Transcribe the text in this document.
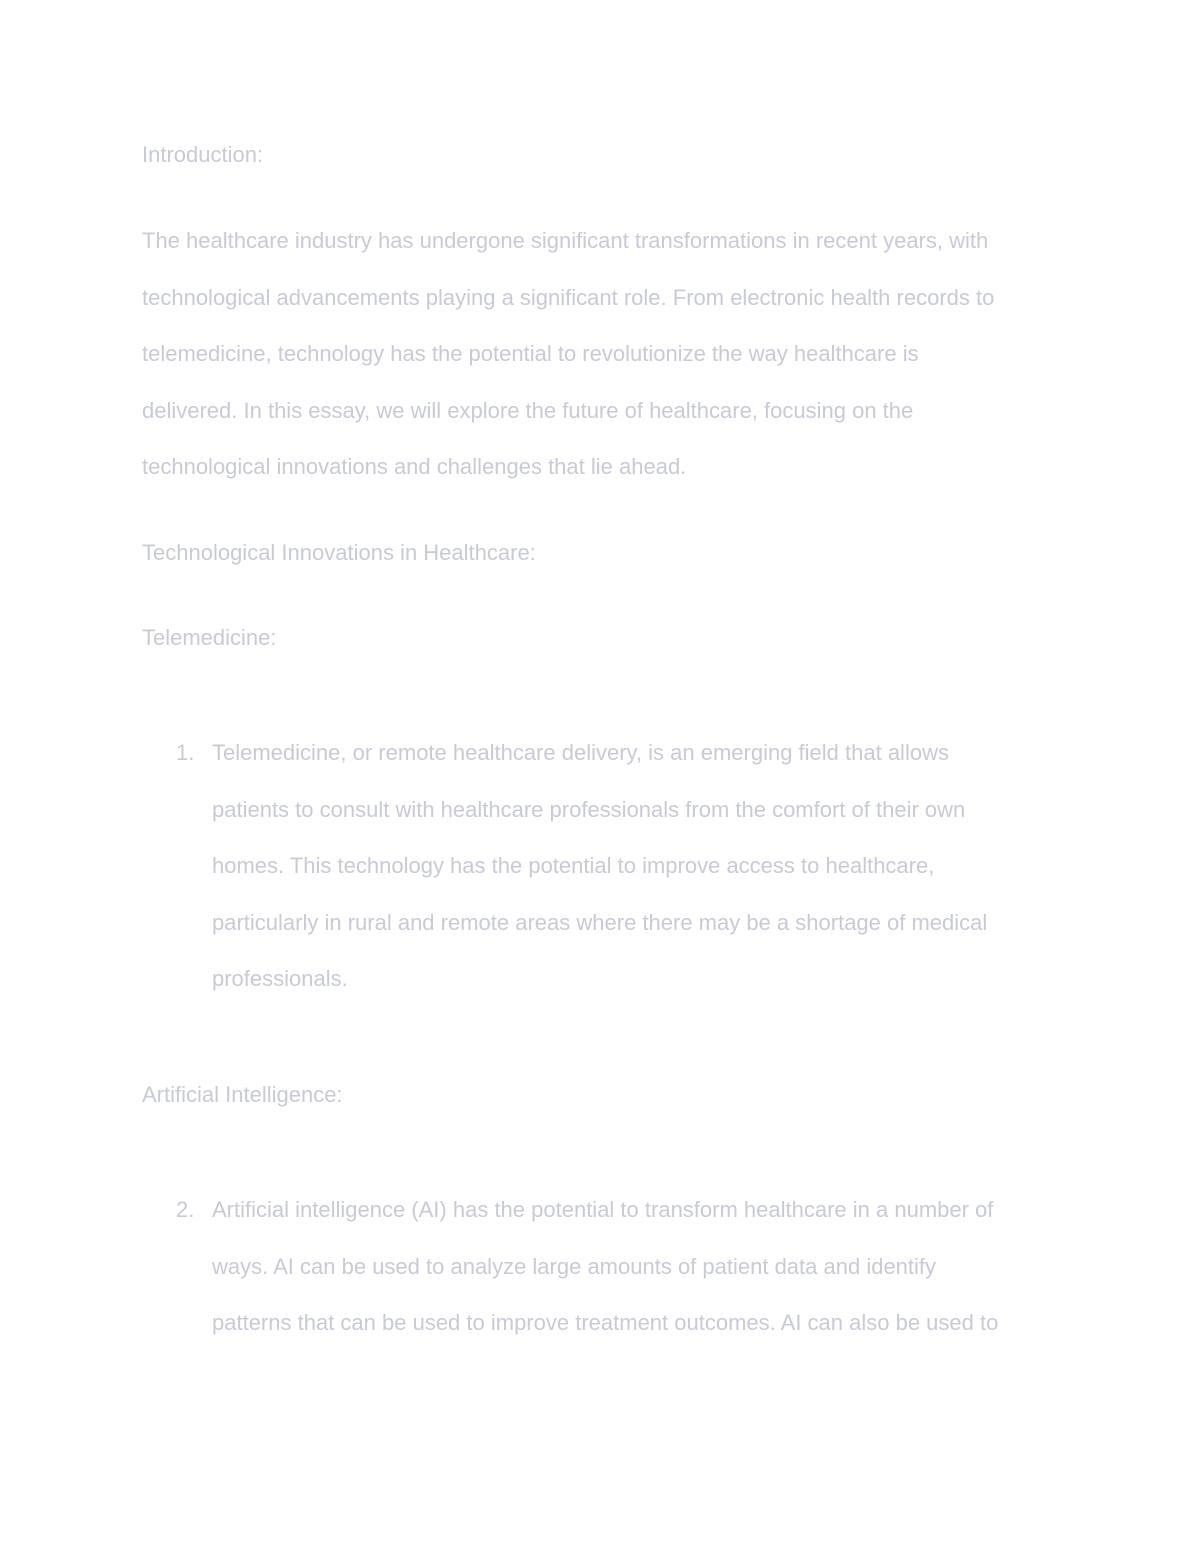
Introduction:

The healthcare industry has undergone significant transformations in recent years, with
technological advancements playing a significant role. From electronic health records to
telemedicine, technology has the potential to revolutionize the way healthcare is
delivered. In this essay, we will explore the future of healthcare, focusing on the
technological innovations and challenges that lie ahead.

Technological Innovations in Healthcare:
Telemedicine:
1. Telemedicine, or remote healthcare delivery, is an emerging field that allows
patients to consult with healthcare professionals from the comfort of their own
homes. This technology has the potential to improve access to healthcare,
particularly in rural and remote areas where there may be a shortage of medical
professionals.
Artificial Intelligence:
2. Artificial intelligence (AI) has the potential to transform healthcare in a number of
ways. AI can be used to analyze large amounts of patient data and identify
patterns that can be used to improve treatment outcomes. AI can also be used to
